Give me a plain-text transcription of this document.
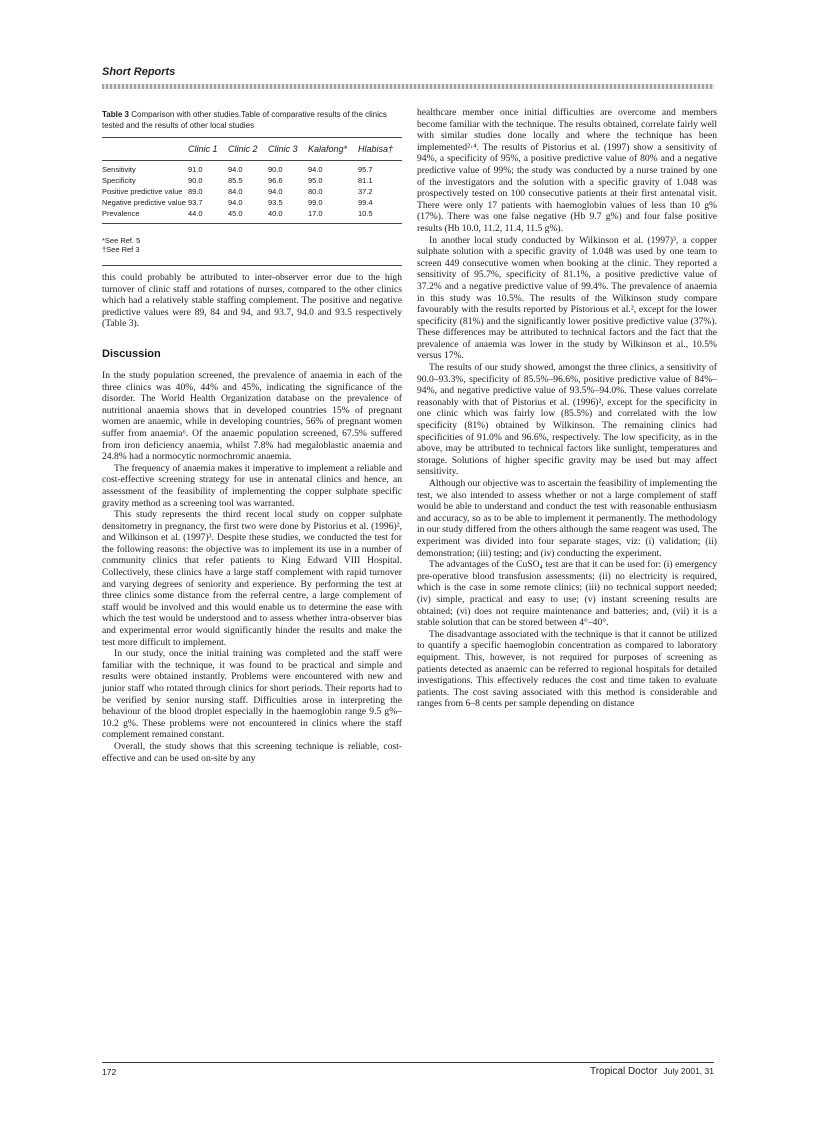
Short Reports
Table 3 Comparison with other studies.Table of comparative results of the clinics tested and the results of other local studies
	Clinic 1	Clinic 2	Clinic 3	Kalafong*	Hlabisa†

Sensitivity	91.0	94.0	90.0	94.0	95.7
Specificity	90.0	85.5	96.6	95.0	81.1
Positive predictive value	89.0	84.0	94.0	80.0	37.2
Negative predictive value	93.7	94.0	93.5	99.0	99.4
Prevalence	44.0	45.0	40.0	17.0	10.5

*See Ref. 5
†See Ref 3

this could probably be attributed to inter-observer error due to the high turnover of clinic staff and rotations of nurses, compared to the other clinics which had a relatively stable staffing complement. The positive and negative predictive values were 89, 84 and 94, and 93.7, 94.0 and 93.5 respectively (Table 3).

Discussion

In the study population screened, the prevalence of anaemia in each of the three clinics was 40%, 44% and 45%, indicating the significance of the disorder. The World Health Organization database on the prevalence of nutritional anaemia shows that in developed countries 15% of pregnant women are anaemic, while in developing countries, 56% of pregnant women suffer from anaemia⁶. Of the anaemic population screened, 67.5% suffered from iron deficiency anaemia, whilst 7.8% had megaloblastic anaemia and 24.8% had a normocytic normochromic anaemia.

The frequency of anaemia makes it imperative to implement a reliable and cost-effective screening strategy for use in antenatal clinics and hence, an assessment of the feasibility of implementing the copper sulphate specific gravity method as a screening tool was warranted.

This study represents the third recent local study on copper sulphate densitometry in pregnancy, the first two were done by Pistorius et al. (1996)², and Wilkinson et al. (1997)³. Despite these studies, we conducted the test for the following reasons: the objective was to implement its use in a number of community clinics that refer patients to King Edward VIII Hospital. Collectively, these clinics have a large staff complement with rapid turnover and varying degrees of seniority and experience. By performing the test at three clinics some distance from the referral centre, a large complement of staff would be involved and this would enable us to determine the ease with which the test would be understood and to assess whether intra-observer bias and experimental error would significantly hinder the results and make the test more difficult to implement.

In our study, once the initial training was completed and the staff were familiar with the technique, it was found to be practical and simple and results were obtained instantly. Problems were encountered with new and junior staff who rotated through clinics for short periods. Their reports had to be verified by senior nursing staff. Difficulties arose in interpreting the behaviour of the blood droplet especially in the haemoglobin range 9.5 g%–10.2 g%. These problems were not encountered in clinics where the staff complement remained constant.

Overall, the study shows that this screening technique is reliable, cost-effective and can be used on-site by any

healthcare member once initial difficulties are overcome and members become familiar with the technique. The results obtained, correlate fairly well with similar studies done locally and where the technique has been implemented²·⁴. The results of Pistorius et al. (1997) show a sensitivity of 94%, a specificity of 95%, a positive predictive value of 80% and a negative predictive value of 99%; the study was conducted by a nurse trained by one of the investigators and the solution with a specific gravity of 1.048 was prospectively tested on 100 consecutive patients at their first antenatal visit. There were only 17 patients with haemoglobin values of less than 10 g% (17%). There was one false negative (Hb 9.7 g%) and four false positive results (Hb 10.0, 11.2, 11.4, 11.5 g%).

In another local study conducted by Wilkinson et al. (1997)³, a copper sulphate solution with a specific gravity of 1.048 was used by one team to screen 449 consecutive women when booking at the clinic. They reported a sensitivity of 95.7%, specificity of 81.1%, a positive predictive value of 37.2% and a negative predictive value of 99.4%. The prevalence of anaemia in this study was 10.5%. The results of the Wilkinson study compare favourably with the results reported by Pistorious et al.², except for the lower specificity (81%) and the significantly lower positive predictive value (37%). These differences may be attributed to technical factors and the fact that the prevalence of anaemia was lower in the study by Wilkinson et al., 10.5% versus 17%.

The results of our study showed, amongst the three clinics, a sensitivity of 90.0–93.3%, specificity of 85.5%–96.6%, positive predictive value of 84%–94%, and negative predictive value of 93.5%–94.0%. These values correlate reasonably with that of Pistorius et al. (1996)², except for the specificity in one clinic which was fairly low (85.5%) and correlated with the low specificity (81%) obtained by Wilkinson. The remaining clinics had specificities of 91.0% and 96.6%, respectively. The low specificity, as in the above, may be attributed to technical factors like sunlight, temperatures and storage. Solutions of higher specific gravity may be used but may affect sensitivity.

Although our objective was to ascertain the feasibility of implementing the test, we also intended to assess whether or not a large complement of staff would be able to understand and conduct the test with reasonable enthusiasm and accuracy, so as to be able to implement it permanently. The methodology in our study differed from the others although the same reagent was used. The experiment was divided into four separate stages, viz: (i) validation; (ii) demonstration; (iii) testing; and (iv) conducting the experiment.

The advantages of the CuSO₄ test are that it can be used for: (i) emergency pre-operative blood transfusion assessments; (ii) no electricity is required, which is the case in some remote clinics; (iii) no technical support needed; (iv) simple, practical and easy to use; (v) instant screening results are obtained; (vi) does not require maintenance and batteries; and, (vii) it is a stable solution that can be stored between 4°–40°.

The disadvantage associated with the technique is that it cannot be utilized to quantify a specific haemoglobin concentration as compared to laboratory equipment. This, however, is not required for purposes of screening as patients detected as anaemic can be referred to regional hospitals for detailed investigations. This effectively reduces the cost and time taken to evaluate patients. The cost saving associated with this method is considerable and ranges from 6–8 cents per sample depending on distance

172	Tropical Doctor July 2001, 31
